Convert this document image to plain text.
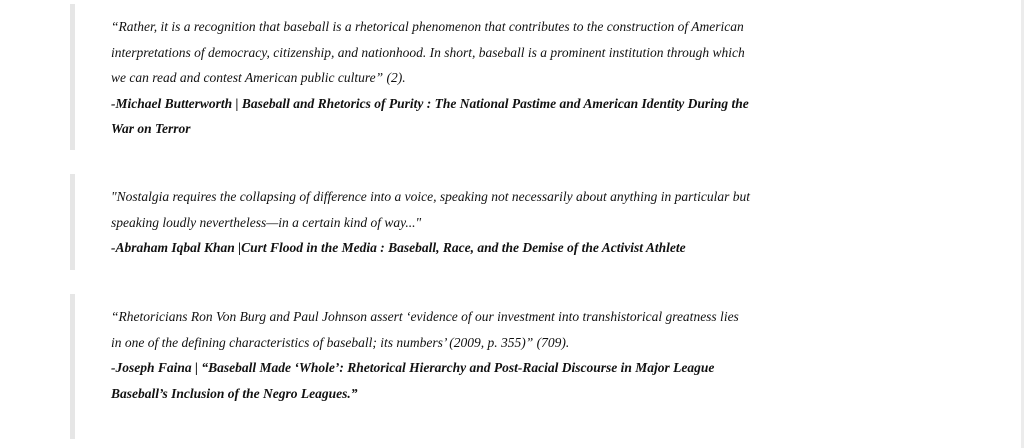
“Rather, it is a recognition that baseball is a rhetorical phenomenon that contributes to the construction of American interpretations of democracy, citizenship, and nationhood. In short, baseball is a prominent institution through which we can read and contest American public culture” (2).

-Michael Butterworth | Baseball and Rhetorics of Purity : The National Pastime and American Identity During the War on Terror

"Nostalgia requires the collapsing of difference into a voice, speaking not necessarily about anything in particular but speaking loudly nevertheless—in a certain kind of way..."

-Abraham Iqbal Khan |Curt Flood in the Media : Baseball, Race, and the Demise of the Activist Athlete

“Rhetoricians Ron Von Burg and Paul Johnson assert ‘evidence of our investment into transhistorical greatness lies in one of the defining characteristics of baseball; its numbers’ (2009, p. 355)” (709).

-Joseph Faina | “Baseball Made ‘Whole’: Rhetorical Hierarchy and Post-Racial Discourse in Major League Baseball’s Inclusion of the Negro Leagues.”
